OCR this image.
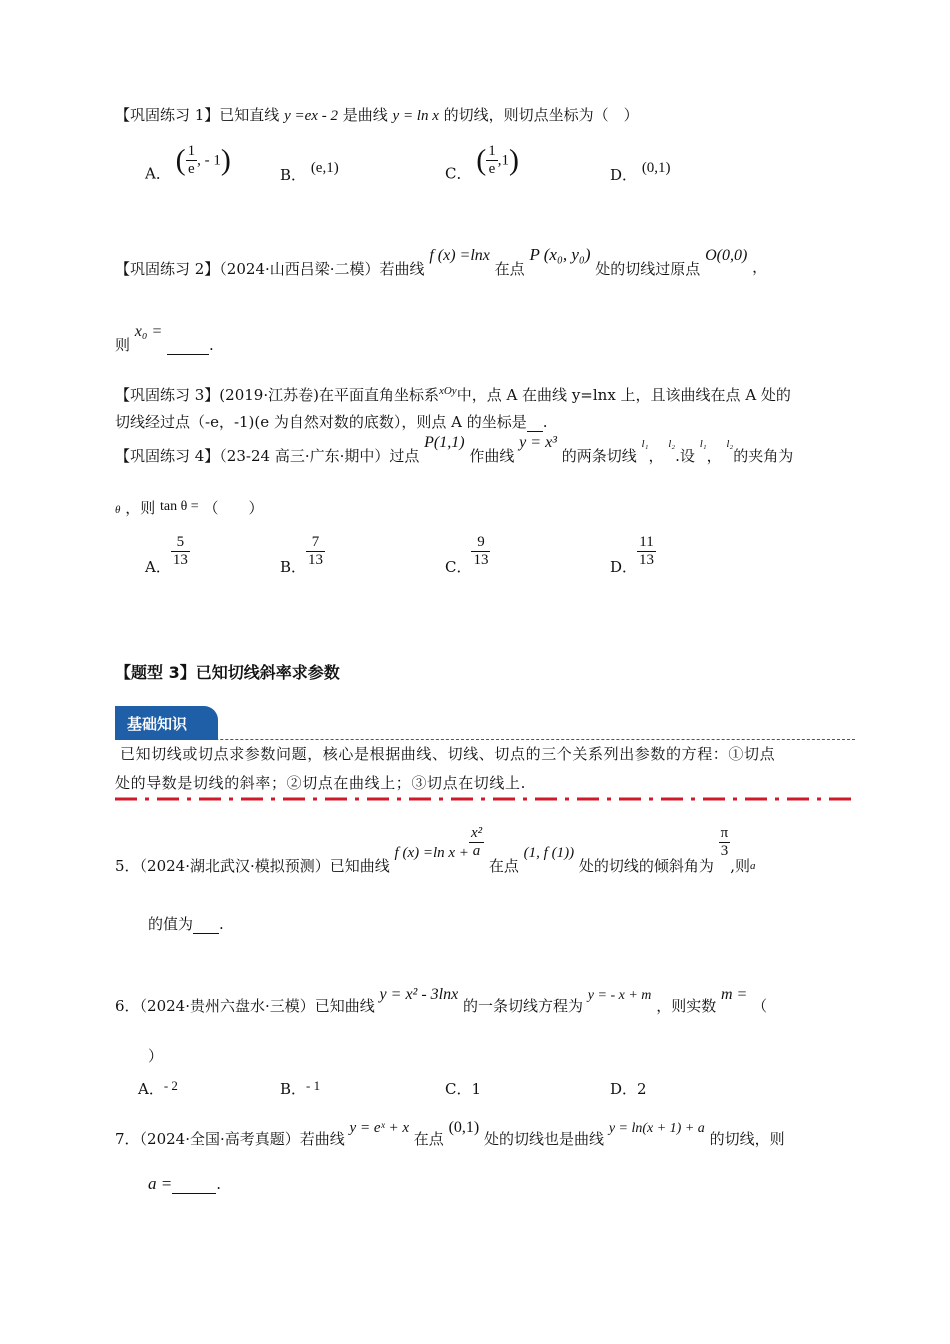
【巩固练习 1】已知直线 y =ex - 2 是曲线 y = ln x 的切线，则切点坐标为（　）
A． ( $\frac{1}{e}$ , - 1)	B． (e,1)	C． ( $\frac{1}{e} ,1$)	D． (0,1)
【巩固练习 2】（2024·山西吕梁·二模）若曲线 f (x) =lnx 在点 P (x₀, y₀) 处的切线过原点 O(0,0) ，
则 x₀ =  .
【巩固练习 3】(2019·江苏卷)在平面直角坐标系$^{xOy}$中，点 A 在曲线 y=lnx 上，且该曲线在点 A 处的
切线经过点（-e，-1)(e 为自然对数的底数），则点 A 的坐标是 .
【巩固练习 4】（23-24 高三·广东·期中）过点 P(1,1) 作曲线 y = x³ 的两条切线 l₁， l₂.设 l₁， l₂的夹角为
θ ，则 tan θ = （　　）
A． $\frac{5}{13}$	B． $\frac{7}{13}$	C． $\frac{9}{13}$	D． $\frac{11}{13}$
【题型 3】已知切线斜率求参数
基础知识
已知切线或切点求参数问题，核心是根据曲线、切线、切点的三个关系列出参数的方程：①切点
处的导数是切线的斜率；②切点在曲线上；③切点在切线上.
5．（2024·湖北武汉·模拟预测）已知曲线 f (x) =ln $x + \frac{\text{x²}}{a}$
在点 (1, f (1)) 处的切线的倾斜角为
$\frac{\pi}{3}$
,则$_a$
的值为 .
6．（2024·贵州六盘水·三模）已知曲线 y = x² - 3lnx 的一条切线方程为 y = - x + m ，则实数 m = （
）
A．- 2	B．- 1	C．1	D．2
7．（2024·全国·高考真题）若曲线 y = eˣ + x 在点 (0,1) 处的切线也是曲线 y = ln(x + 1) + a 的切线，则
a =	.
